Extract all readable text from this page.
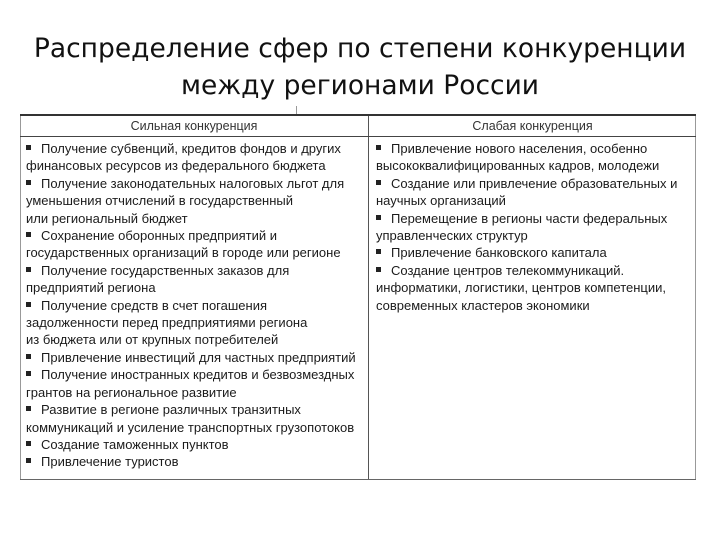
Распределение сфер по степени конкуренции
между регионами России
Сильная конкуренция	Слабая конкуренция
Получение субвенций, кредитов фондов и других
финансовых ресурсов из федерального бюджета
Получение законодательных налоговых льгот для
уменьшения отчислений в государственный
или региональный бюджет
Сохранение оборонных предприятий и
государственных организаций в городе или регионе
Получение государственных заказов для
предприятий региона
Получение средств в счет погашения
задолженности перед предприятиями региона
из бюджета или от крупных потребителей
Привлечение инвестиций для частных предприятий
Получение иностранных кредитов и безвозмездных
грантов на региональное развитие
Развитие в регионе различных транзитных
коммуникаций и усиление транспортных грузопотоков
Создание таможенных пунктов
Привлечение туристов
Привлечение нового населения, особенно
высококвалифицированных кадров, молодежи
Создание или привлечение образовательных и
научных организаций
Перемещение в регионы части федеральных
управленческих структур
Привлечение банковского капитала
Создание центров телекоммуникаций.
информатики, логистики, центров компетенции,
современных кластеров экономики
